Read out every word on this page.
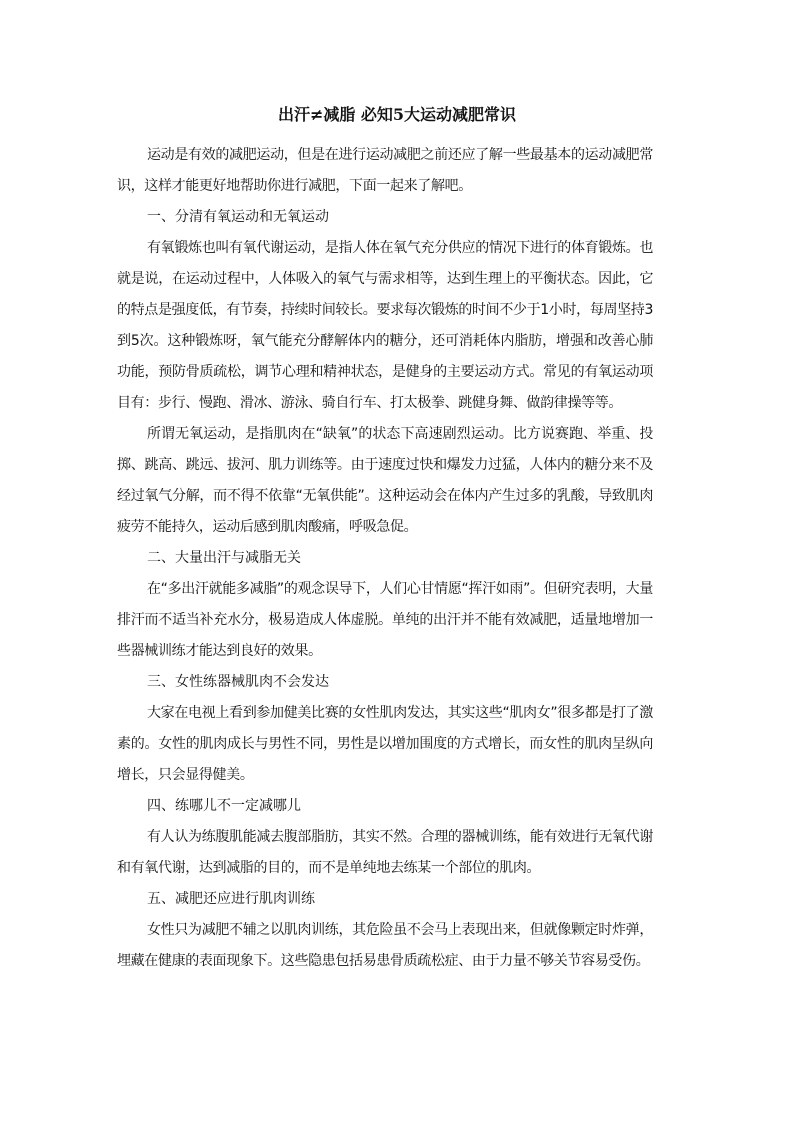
出汗≠减脂 必知5大运动减肥常识

运动是有效的减肥运动，但是在进行运动减肥之前还应了解一些最基本的运动减肥常识，这样才能更好地帮助你进行减肥，下面一起来了解吧。

一、分清有氧运动和无氧运动

有氧锻炼也叫有氧代谢运动，是指人体在氧气充分供应的情况下进行的体育锻炼。也就是说，在运动过程中，人体吸入的氧气与需求相等，达到生理上的平衡状态。因此，它的特点是强度低，有节奏，持续时间较长。要求每次锻炼的时间不少于1小时，每周坚持3到5次。这种锻炼呀，氧气能充分酵解体内的糖分，还可消耗体内脂肪，增强和改善心肺功能，预防骨质疏松，调节心理和精神状态，是健身的主要运动方式。常见的有氧运动项目有：步行、慢跑、滑冰、游泳、骑自行车、打太极拳、跳健身舞、做韵律操等等。

所谓无氧运动，是指肌肉在“缺氧”的状态下高速剧烈运动。比方说赛跑、举重、投掷、跳高、跳远、拔河、肌力训练等。由于速度过快和爆发力过猛，人体内的糖分来不及经过氧气分解，而不得不依靠“无氧供能”。这种运动会在体内产生过多的乳酸，导致肌肉疲劳不能持久，运动后感到肌肉酸痛，呼吸急促。

二、大量出汗与减脂无关

在“多出汗就能多减脂”的观念误导下，人们心甘情愿“挥汗如雨”。但研究表明，大量排汗而不适当补充水分，极易造成人体虚脱。单纯的出汗并不能有效减肥，适量地增加一些器械训练才能达到良好的效果。

三、女性练器械肌肉不会发达

大家在电视上看到参加健美比赛的女性肌肉发达，其实这些“肌肉女”很多都是打了激素的。女性的肌肉成长与男性不同，男性是以增加围度的方式增长，而女性的肌肉呈纵向增长，只会显得健美。

四、练哪儿不一定减哪儿

有人认为练腹肌能减去腹部脂肪，其实不然。合理的器械训练，能有效进行无氧代谢和有氧代谢，达到减脂的目的，而不是单纯地去练某一个部位的肌肉。

五、减肥还应进行肌肉训练

女性只为减肥不辅之以肌肉训练，其危险虽不会马上表现出来，但就像颗定时炸弹，埋藏在健康的表面现象下。这些隐患包括易患骨质疏松症、由于力量不够关节容易受伤。
